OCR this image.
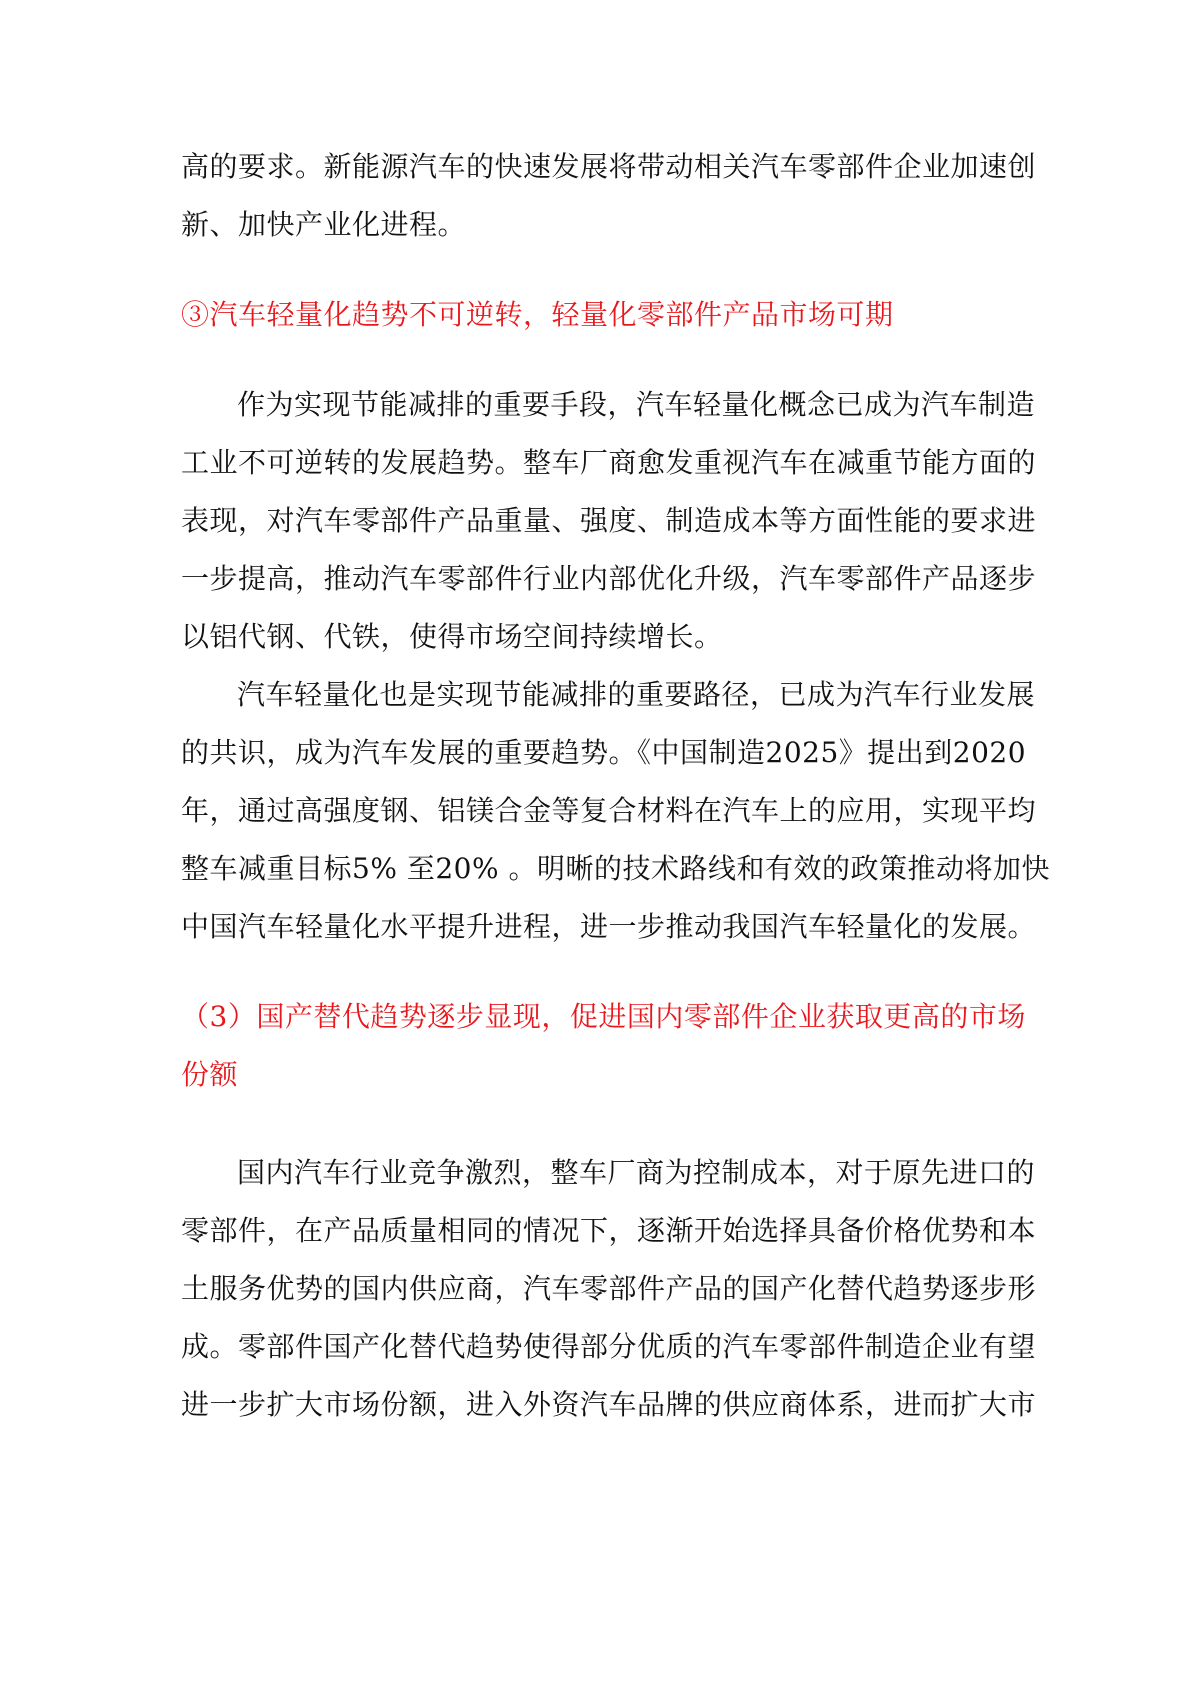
高的要求。新能源汽车的快速发展将带动相关汽车零部件企业加速创
新、加快产业化进程。
③汽车轻量化趋势不可逆转，轻量化零部件产品市场可期
作为实现节能减排的重要手段，汽车轻量化概念已成为汽车制造
工业不可逆转的发展趋势。整车厂商愈发重视汽车在减重节能方面的
表现，对汽车零部件产品重量、强度、制造成本等方面性能的要求进
一步提高，推动汽车零部件行业内部优化升级，汽车零部件产品逐步
以铝代钢、代铁，使得市场空间持续增长。
汽车轻量化也是实现节能减排的重要路径，已成为汽车行业发展
的共识，成为汽车发展的重要趋势。《中国制造2025》提出到2020
年，通过高强度钢、铝镁合金等复合材料在汽车上的应用，实现平均
整车减重目标5% 至20% 。明晰的技术路线和有效的政策推动将加快
中国汽车轻量化水平提升进程，进一步推动我国汽车轻量化的发展。
（3）国产替代趋势逐步显现，促进国内零部件企业获取更高的市场
份额
国内汽车行业竞争激烈，整车厂商为控制成本，对于原先进口的
零部件，在产品质量相同的情况下，逐渐开始选择具备价格优势和本
土服务优势的国内供应商，汽车零部件产品的国产化替代趋势逐步形
成。零部件国产化替代趋势使得部分优质的汽车零部件制造企业有望
进一步扩大市场份额，进入外资汽车品牌的供应商体系，进而扩大市
